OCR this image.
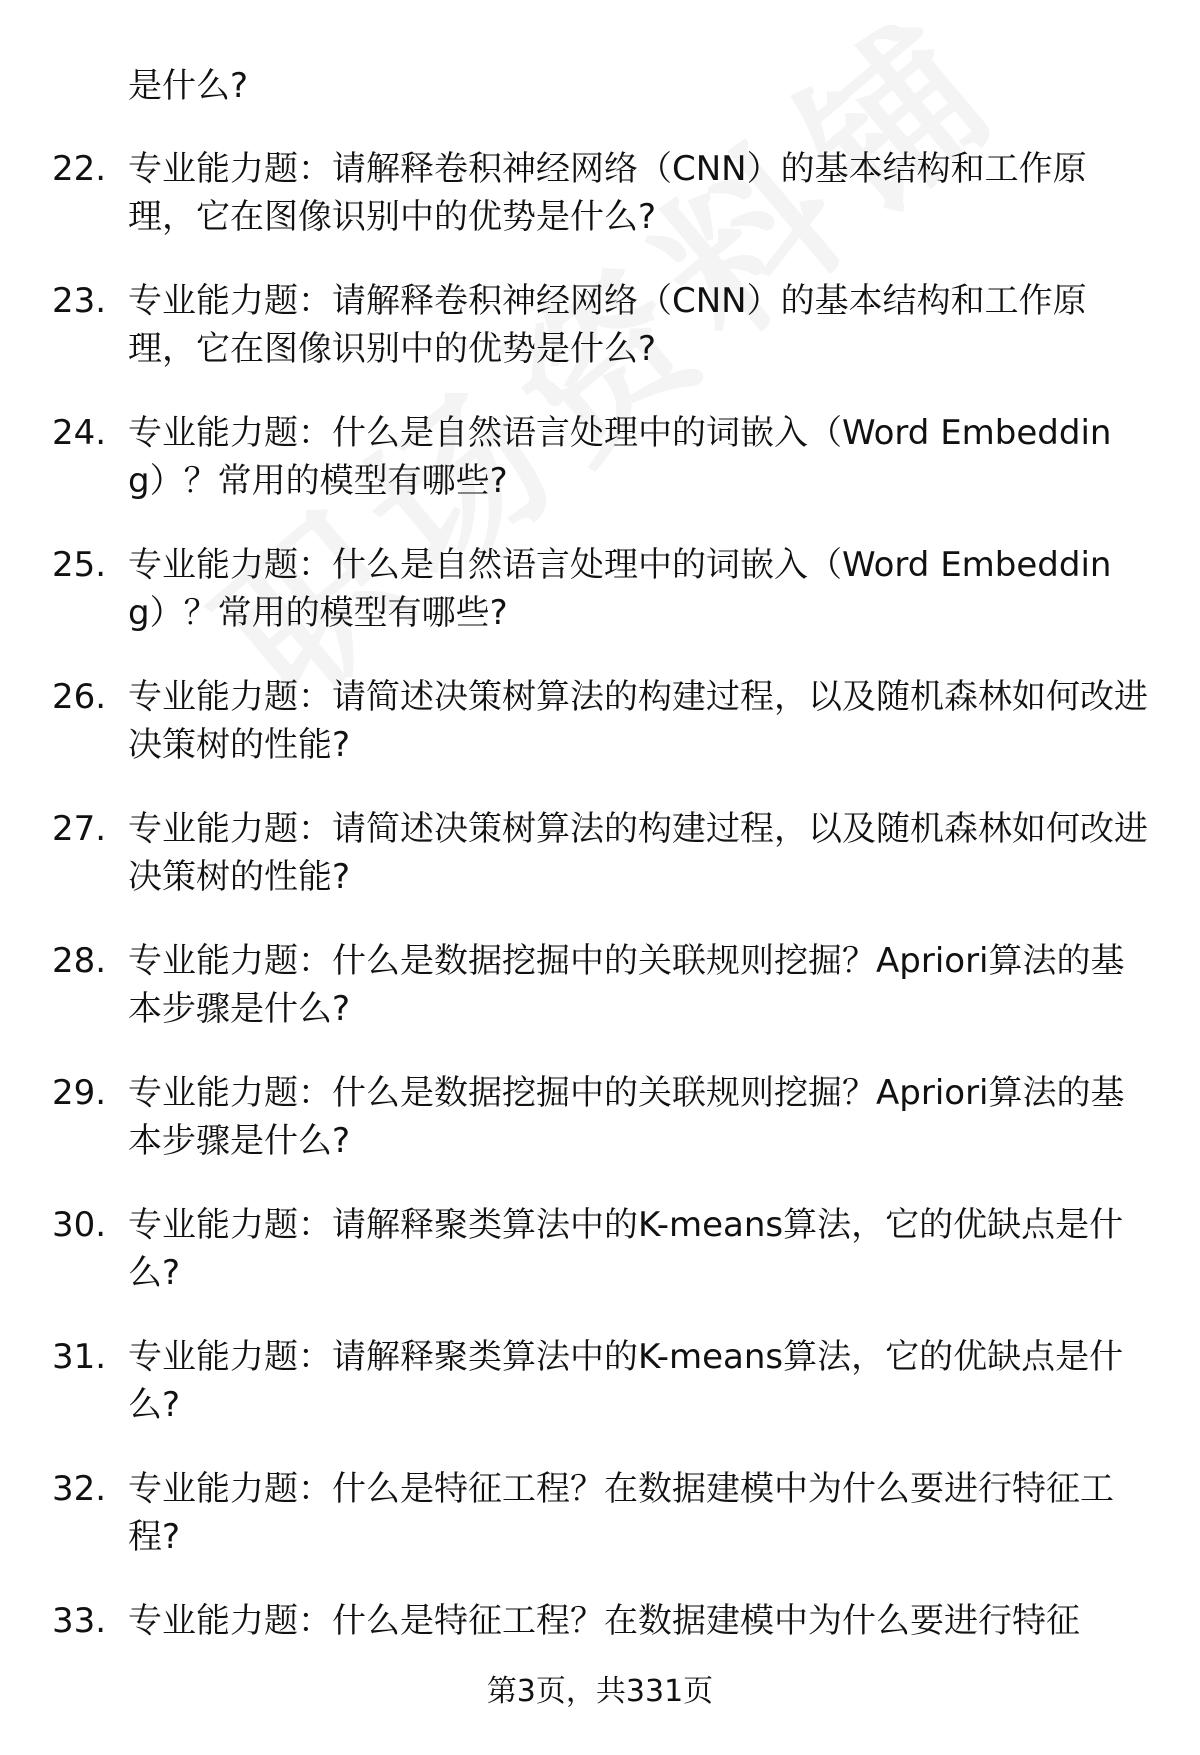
是什么?
22. 专业能力题：请解释卷积神经网络（CNN）的基本结构和工作原理，它在图像识别中的优势是什么?
23. 专业能力题：请解释卷积神经网络（CNN）的基本结构和工作原理，它在图像识别中的优势是什么?
24. 专业能力题：什么是自然语言处理中的词嵌入（Word Embedding）？常用的模型有哪些?
25. 专业能力题：什么是自然语言处理中的词嵌入（Word Embedding）？常用的模型有哪些?
26. 专业能力题：请简述决策树算法的构建过程，以及随机森林如何改进决策树的性能?
27. 专业能力题：请简述决策树算法的构建过程，以及随机森林如何改进决策树的性能?
28. 专业能力题：什么是数据挖掘中的关联规则挖掘？Apriori算法的基本步骤是什么?
29. 专业能力题：什么是数据挖掘中的关联规则挖掘？Apriori算法的基本步骤是什么?
30. 专业能力题：请解释聚类算法中的K-means算法，它的优缺点是什么?
31. 专业能力题：请解释聚类算法中的K-means算法，它的优缺点是什么?
32. 专业能力题：什么是特征工程？在数据建模中为什么要进行特征工程?
33. 专业能力题：什么是特征工程？在数据建模中为什么要进行特征
第3页，共331页
